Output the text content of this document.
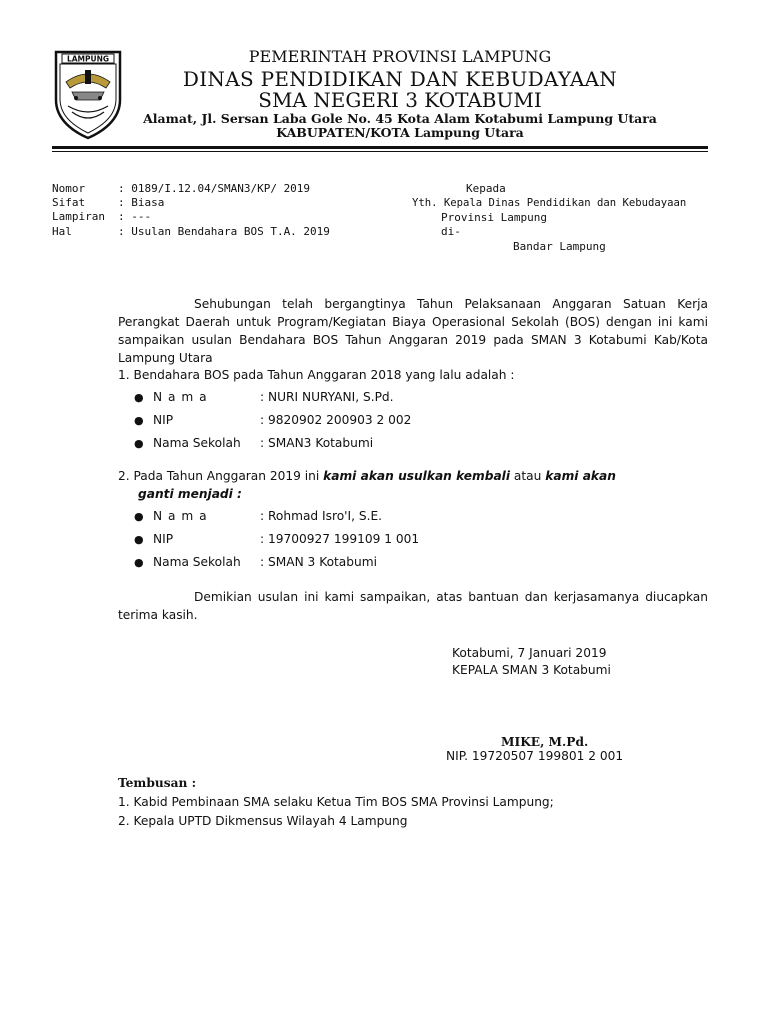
LAMPUNG	PEMERINTAH PROVINSI LAMPUNG
DINAS PENDIDIKAN DAN KEBUDAYAAN
SMA NEGERI 3 KOTABUMI
Alamat, Jl. Sersan Laba Gole No. 45 Kota Alam Kotabumi Lampung Utara
KABUPATEN/KOTA Lampung Utara
Nomor	: 0189/I.12.04/SMAN3/KP/ 2019
Sifat	: Biasa
Lampiran : ---
Hal	: Usulan Bendahara BOS T.A. 2019
Kepada
Yth. Kepala Dinas Pendidikan dan Kebudayaan
Provinsi Lampung
di-
Bandar Lampung
Sehubungan telah bergangtinya Tahun Pelaksanaan Anggaran Satuan Kerja Perangkat Daerah untuk Program/Kegiatan Biaya Operasional Sekolah (BOS) dengan ini kami sampaikan usulan Bendahara BOS Tahun Anggaran 2019 pada SMAN 3 Kotabumi Kab/Kota Lampung Utara
1. Bendahara BOS pada Tahun Anggaran 2018 yang lalu adalah :
● N a m a	: NURI NURYANI, S.Pd.
● NIP	: 9820902 200903 2 002
● Nama Sekolah : SMAN3 Kotabumi
2. Pada Tahun Anggaran 2019 ini kami akan usulkan kembali atau kami akan
ganti menjadi :
● N a m a	: Rohmad Isro'I, S.E.
● NIP	: 19700927 199109 1 001
● Nama Sekolah : SMAN 3 Kotabumi
Demikian usulan ini kami sampaikan, atas bantuan dan kerjasamanya diucapkan terima kasih.
Kotabumi, 7 Januari 2019
KEPALA SMAN 3 Kotabumi
MIKE, M.Pd.
NIP. 19720507 199801 2 001
Tembusan :
1. Kabid Pembinaan SMA selaku Ketua Tim BOS SMA Provinsi Lampung;
2. Kepala UPTD Dikmensus Wilayah 4 Lampung
